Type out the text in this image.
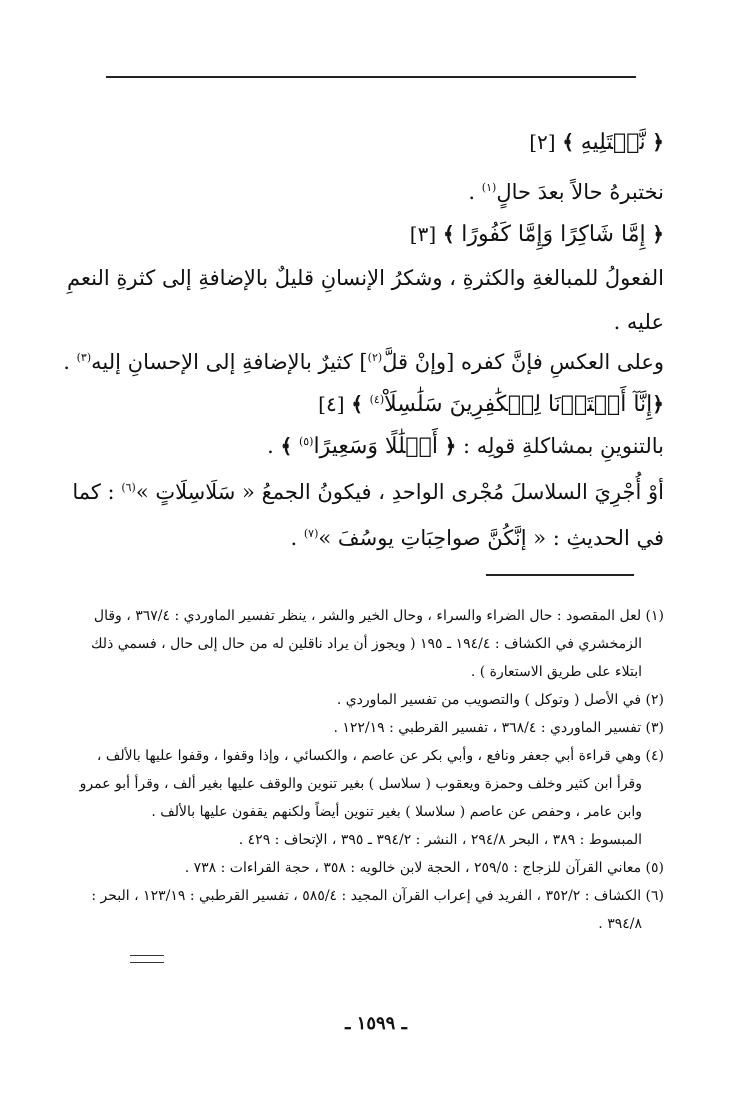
﴿ نَّبۡتَلِيهِ ﴾ [٢]
نختبرهُ حالاً بعدَ حالٍ$^{(١)}$ .
﴿ إِمَّا شَاكِرًا وَإِمَّا كَفُورًا ﴾ [٣]
الفعولُ للمبالغةِ والكثرةِ ، وشكرُ الإنسانِ قليلٌ بالإضافةِ إلى كثرةِ النعمِ
عليه .
وعلى العكسِ فإنَّ كفره [وإنْ قلَّ$^{(٢)}$] كثيرٌ بالإضافةِ إلى الإحسانِ إليه$^{(٣)}$ .
﴿إِنَّآ أَعۡتَدۡنَا لِلۡكَٰفِرِينَ سَلَٰسِلَاْ$^{(٤)}$ ﴾ [٤]
بالتنوينِ بمشاكلةِ قولِه : ﴿ أَغۡلَٰلًا وَسَعِيرًا$^{(٥)}$ ﴾ .
أوْ أُجْرِيَ السلاسلَ مُجْرى الواحدِ ، فيكونُ الجمعُ « سَلَاسِلَاتٍ »$^{(٦)}$ : كما
في الحديثِ : « إنَّكُنَّ صواحِبَاتِ يوسُفَ »$^{(٧)}$ .
(١) لعل المقصود : حال الضراء والسراء ، وحال الخير والشر ، ينظر تفسير الماوردي : ٣٦٧/٤ ، وقال
الزمخشري في الكشاف : ١٩٤/٤ ـ ١٩٥ ( ويجوز أن يراد ناقلين له من حال إلى حال ، فسمي ذلك
ابتلاء على طريق الاستعارة ) .
(٢) في الأصل ( وتوكل ) والتصويب من تفسير الماوردي .
(٣) تفسير الماوردي : ٣٦٨/٤ ، تفسير القرطبي : ١٢٢/١٩ .
(٤) وهي قراءة أبي جعفر ونافع ، وأبي بكر عن عاصم ، والكسائي ، وإذا وقفوا ، وقفوا عليها بالألف ،
وقرأ ابن كثير وخلف وحمزة ويعقوب ( سلاسل ) بغير تنوين والوقف عليها بغير ألف ، وقرأ أبو عمرو
وابن عامر ، وحفص عن عاصم ( سلاسلا ) بغير تنوين أيضاً ولكنهم يقفون عليها بالألف .
المبسوط : ٣٨٩ ، البحر ٢٩٤/٨ ، النشر : ٣٩٤/٢ ـ ٣٩٥ ، الإتحاف : ٤٢٩ .
(٥) معاني القرآن للزجاج : ٢٥٩/٥ ، الحجة لابن خالويه : ٣٥٨ ، حجة القراءات : ٧٣٨ .
(٦) الكشاف : ٣٥٢/٢ ، الفريد في إعراب القرآن المجيد : ٥٨٥/٤ ، تفسير القرطبي : ١٢٣/١٩ ، البحر :
٣٩٤/٨ .
ـ ١٥٩٩ ـ
